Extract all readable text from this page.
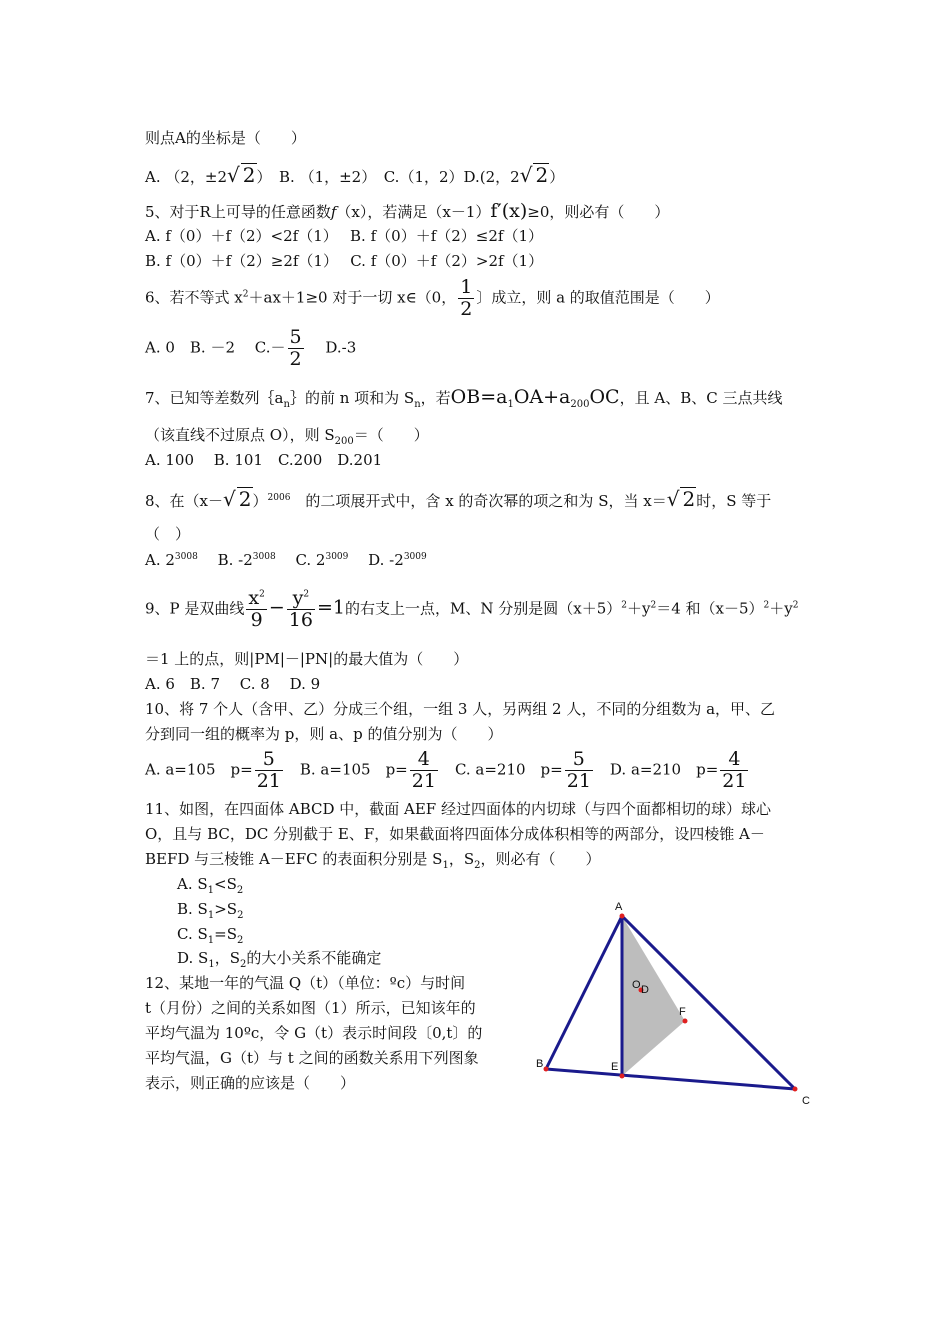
则点A的坐标是（　　）
A. （2，±2√ 2）　B. （1，±2）　C.（1，2）D.(2，2√ 2）
5、对于R上可导的任意函数f（x），若满足（x－1）f′(x)≥0，则必有（　　）
A. f（0）＋f（2）<2f（1）　 B. f（0）＋f（2）≤2f（1）
B. f（0）＋f（2）≥2f（1）　 C. f（0）＋f（2）>2f（1）
6、若不等式 $x^2+ax+1\ge 0$ 对于一切 x∈（0， $\frac{1}{2}$ 〕成立，则 a 的取值范围是（　　）
A. 0　B. －2　 $C.- \frac{5}{2}$ 　 D.-3
7、已知等差数列$\{a_n\}$的前 n 项和为 $S_n$，若$OB=a_1OA+a_{200}OC$，且 A、B、C 三点共线
（该直线不过原点 O），则 $S_{200}=$（　　）
A. 100　 B. 101　C.200　D.201
8、在（x－√ 2）$^{2006}$　的二项展开式中，含 x 的奇次幂的项之和为 S，当 x＝√ 2时，S 等于
（　）
A. $2^{3008}$　 B. $-2^{3008}$　 C. $2^{3009}$　 D. $-2^{3009}$
9、P 是双曲线 $\frac{x^2}{9} - \frac{y^2}{16} =1$的右支上一点，M、N 分别是圆$(x+5)^2+y^2=4$ 和$(x-5)^2+y^2$
＝1 上的点，则|PM|－|PN|的最大值为（　　）
A. 6　B. 7　 C. 8　 D. 9
10、将 7 个人（含甲、乙）分成三个组，一组 3 人，另两组 2 人，不同的分组数为 a，甲、乙
分到同一组的概率为 p，则 a、p 的值分别为（　　）
A. a=105　$p= \frac{5}{21}$ 　B. a=105　$p= \frac{4}{21}$ 　C. a=210　$p= \frac{5}{21}$ 　D. a=210　$p= \frac{4}{21}$
11、如图，在四面体 ABCD 中，截面 AEF 经过四面体的内切球（与四个面都相切的球）球心
O，且与 BC，DC 分别截于 E、F，如果截面将四面体分成体积相等的两部分，设四棱锥 A－
BEFD 与三棱锥 A－EFC 的表面积分别是 $S_1$，$S_2$，则必有（　　）
A. $S_1<S_2$
B. $S_1>S_2$
C. $S_1=S_2$
D. $S_1$，$S_2$的大小关系不能确定
12、某地一年的气温 Q（t）（单位：ºc）与时间
t（月份）之间的关系如图（1）所示，已知该年的
平均气温为 10ºc，令 G（t）表示时间段〔0,t〕的
平均气温，G（t）与 t 之间的函数关系用下列图象
表示，则正确的应该是（　　）
A
B
C
E
F
O D
